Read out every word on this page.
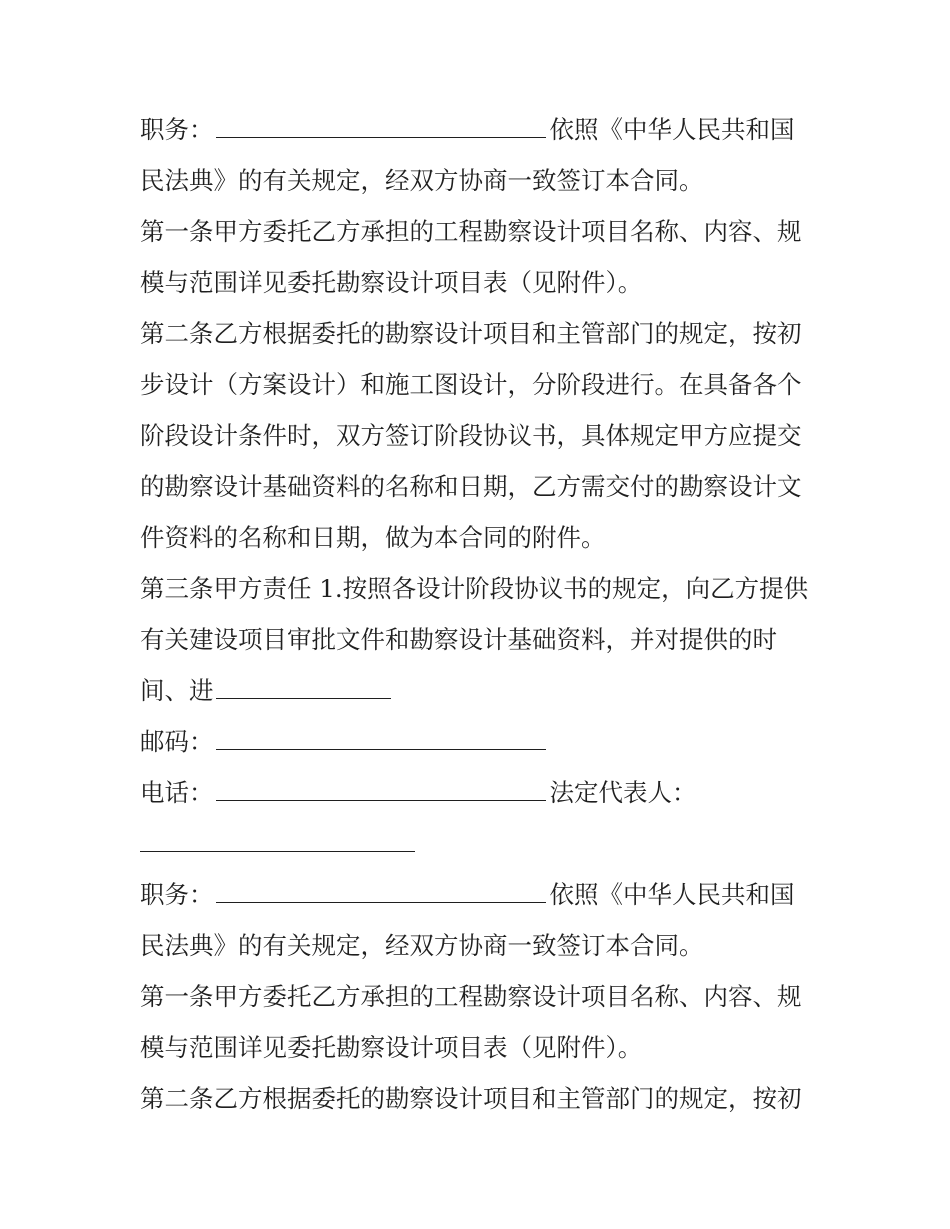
职务：	依照《中华人民共和国
民法典》的有关规定，经双方协商一致签订本合同。
第一条甲方委托乙方承担的工程勘察设计项目名称、内容、规
模与范围详见委托勘察设计项目表（见附件）。
第二条乙方根据委托的勘察设计项目和主管部门的规定，按初
步设计（方案设计）和施工图设计，分阶段进行。在具备各个
阶段设计条件时，双方签订阶段协议书，具体规定甲方应提交
的勘察设计基础资料的名称和日期，乙方需交付的勘察设计文
件资料的名称和日期，做为本合同的附件。
第三条甲方责任 1.按照各设计阶段协议书的规定，向乙方提供
有关建设项目审批文件和勘察设计基础资料，并对提供的时
间、进
邮码：
电话：	法定代表人：
职务：	依照《中华人民共和国
民法典》的有关规定，经双方协商一致签订本合同。
第一条甲方委托乙方承担的工程勘察设计项目名称、内容、规
模与范围详见委托勘察设计项目表（见附件）。
第二条乙方根据委托的勘察设计项目和主管部门的规定，按初
